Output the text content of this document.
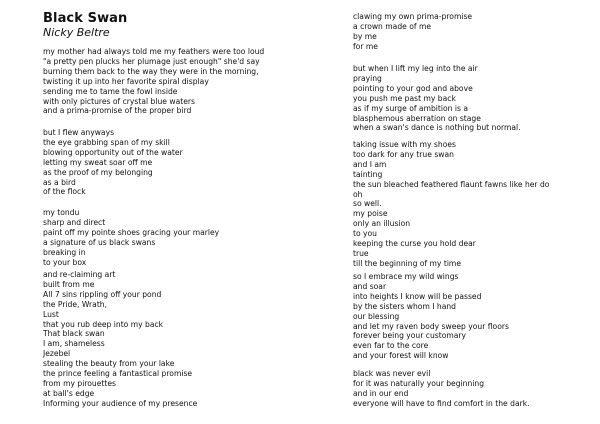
Black Swan
Nicky Beltre
my mother had always told me my feathers were too loud
"a pretty pen plucks her plumage just enough" she'd say
burning them back to the way they were in the morning,
twisting it up into her favorite spiral display
sending me to tame the fowl inside
with only pictures of crystal blue waters
and a prima-promise of the proper bird
but I flew anyways
the eye grabbing span of my skill
blowing opportunity out of the water
letting my sweat soar off me
as the proof of my belonging
as a bird
of the flock
my tondu
sharp and direct
paint off my pointe shoes gracing your marley
a signature of us black swans
breaking in
to your box
and re-claiming art
built from me
All 7 sins rippling off your pond
the Pride, Wrath,
Lust
that you rub deep into my back
That black swan
I am, shameless
Jezebel
stealing the beauty from your lake
the prince feeling a fantastical promise
from my pirouettes
at ball's edge
Informing your audience of my presence
clawing my own prima-promise
a crown made of me
by me
for me
but when I lift my leg into the air
praying
pointing to your god and above
you push me past my back
as if my surge of ambition is a
blasphemous aberration on stage
when a swan's dance is nothing but normal.
taking issue with my shoes
too dark for any true swan
and I am
tainting
the sun bleached feathered flaunt fawns like her do
oh
so well.
my poise
only an illusion
to you
keeping the curse you hold dear
true
till the beginning of my time
so I embrace my wild wings
and soar
into heights I know will be passed
by the sisters whom I hand
our blessing
and let my raven body sweep your floors
forever being your customary
even far to the core
and your forest will know
black was never evil
for it was naturally your beginning
and in our end
everyone will have to find comfort in the dark.
